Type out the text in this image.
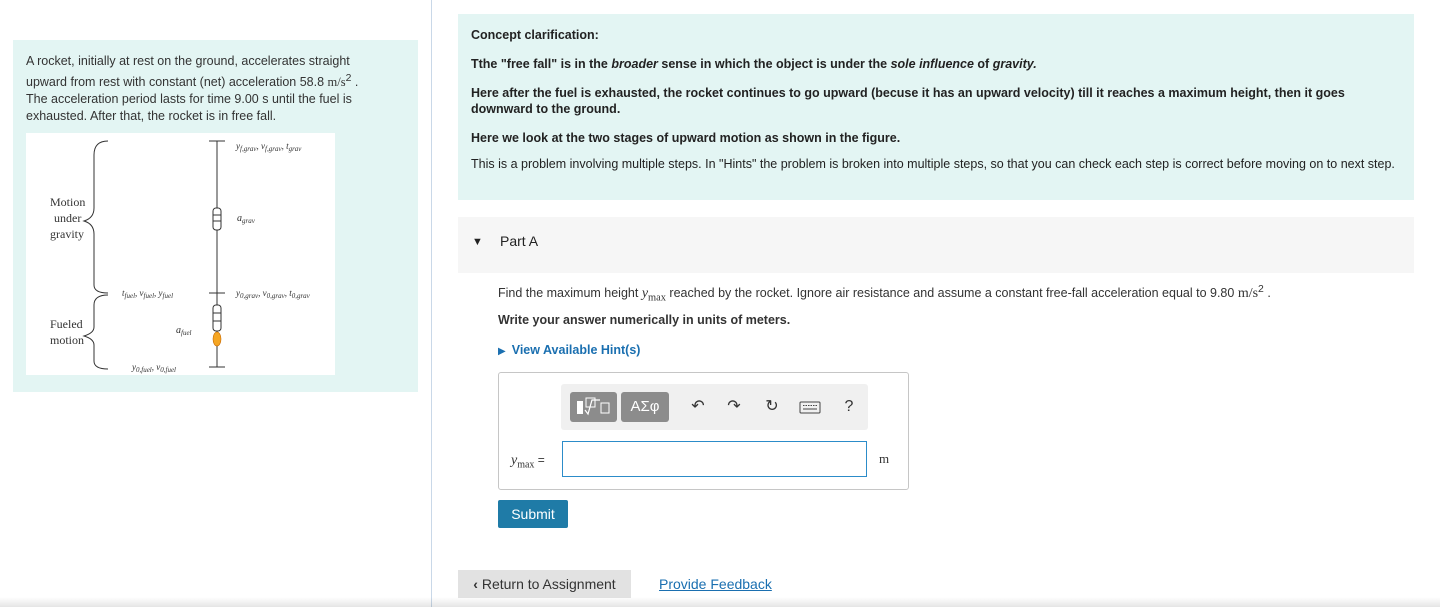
A rocket, initially at rest on the ground, accelerates straight upward from rest with constant (net) acceleration 58.8 $m/s^2$ . The acceleration period lasts for time 9.00 s until the fuel is exhausted. After that, the rocket is in free fall.
Motion
under
gravity
Fueled
motion
$y_{f,grav}$, $v_{f,grav}$, $t_{grav}$
$a_{grav}$
$t_{fuel}$, $v_{fuel}$, $y_{fuel}$	$y_{0,grav}$, $v_{0,grav}$, $t_{0,grav}$
$a_{fuel}$
$y_{0,fuel}$, $v_{0,fuel}$
Concept clarification:
Tthe "free fall" is in the broader sense in which the object is under the sole influence of gravity.
Here after the fuel is exhausted, the rocket continues to go upward (becuse it has an upward velocity) till it reaches a maximum height, then it goes downward to the ground.
Here we look at the two stages of upward motion as shown in the figure.
This is a problem involving multiple steps. In "Hints" the problem is broken into multiple steps, so that you can check each step is correct before moving on to next step.
▼ Part A
Find the maximum height $y_{max}$ reached by the rocket. Ignore air resistance and assume a constant free-fall acceleration equal to 9.80 $m/s^2$ .
Write your answer numerically in units of meters.
▶ View Available Hint(s)
ΑΣφ	↶	↷	↻	?
$y_{max}$ =	m
Submit
‹ Return to Assignment	Provide Feedback
